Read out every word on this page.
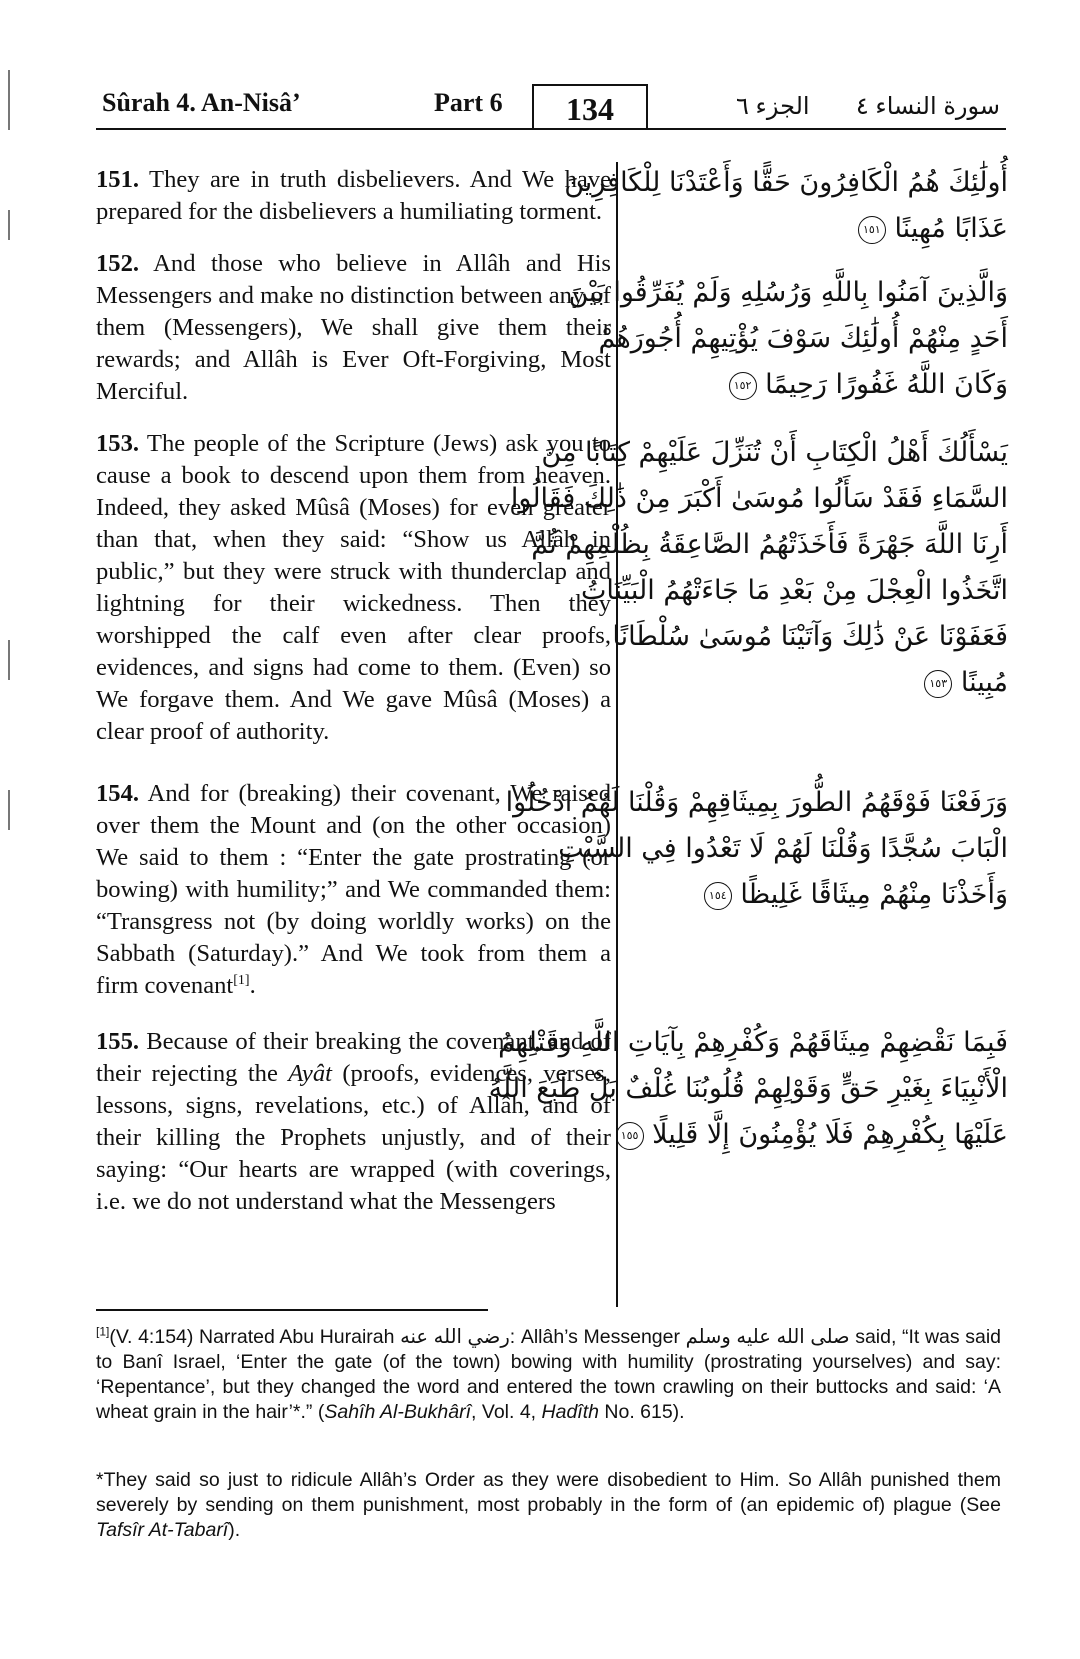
Sûrah 4. An-Nisâ’	Part 6	134	الجزء ٦ سورة النساء ٤

151. They are in truth disbelievers. And We have prepared for the disbelievers a humiliating torment.

152. And those who believe in Allâh and His Messengers and make no distinction between any of them (Messengers), We shall give them their rewards; and Allâh is Ever Oft-Forgiving, Most Merciful.

153. The people of the Scripture (Jews) ask you to cause a book to descend upon them from heaven. Indeed, they asked Mûsâ (Moses) for even greater than that, when they said: “Show us Allâh in public,” but they were struck with thunderclap and lightning for their wickedness. Then they worshipped the calf even after clear proofs, evidences, and signs had come to them. (Even) so We forgave them. And We gave Mûsâ (Moses) a clear proof of authority.

154. And for (breaking) their covenant, We raised over them the Mount and (on the other occasion) We said to them : “Enter the gate prostrating (or bowing) with humility;” and We commanded them: “Transgress not (by doing worldly works) on the Sabbath (Saturday).” And We took from them a firm covenant[1].

155. Because of their breaking the covenant, and of their rejecting the Ayât (proofs, evidences, verses, lessons, signs, revelations, etc.) of Allâh, and of their killing the Prophets unjustly, and of their saying: “Our hearts are wrapped (with coverings, i.e. we do not understand what the Messengers

أُولَٰئِكَ هُمُ الْكَافِرُونَ حَقًّا وَأَعْتَدْنَا لِلْكَافِرِينَ
عَذَابًا مُهِينًا ١٥١
وَالَّذِينَ آمَنُوا بِاللَّهِ وَرُسُلِهِ وَلَمْ يُفَرِّقُوا بَيْنَ
أَحَدٍ مِنْهُمْ أُولَٰئِكَ سَوْفَ يُؤْتِيهِمْ أُجُورَهُمْ
وَكَانَ اللَّهُ غَفُورًا رَحِيمًا ١٥٢
يَسْأَلُكَ أَهْلُ الْكِتَابِ أَنْ تُنَزِّلَ عَلَيْهِمْ كِتَابًا مِنَ
السَّمَاءِ فَقَدْ سَأَلُوا مُوسَىٰ أَكْبَرَ مِنْ ذَٰلِكَ فَقَالُوا
أَرِنَا اللَّهَ جَهْرَةً فَأَخَذَتْهُمُ الصَّاعِقَةُ بِظُلْمِهِمْ ثُمَّ
اتَّخَذُوا الْعِجْلَ مِنْ بَعْدِ مَا جَاءَتْهُمُ الْبَيِّنَاتُ
فَعَفَوْنَا عَنْ ذَٰلِكَ وَآتَيْنَا مُوسَىٰ سُلْطَانًا
مُبِينًا ١٥٣
وَرَفَعْنَا فَوْقَهُمُ الطُّورَ بِمِيثَاقِهِمْ وَقُلْنَا لَهُمُ ادْخُلُوا
الْبَابَ سُجَّدًا وَقُلْنَا لَهُمْ لَا تَعْدُوا فِي السَّبْتِ
وَأَخَذْنَا مِنْهُمْ مِيثَاقًا غَلِيظًا ١٥٤
فَبِمَا نَقْضِهِمْ مِيثَاقَهُمْ وَكُفْرِهِمْ بِآيَاتِ اللَّهِ وَقَتْلِهِمُ
الْأَنْبِيَاءَ بِغَيْرِ حَقٍّ وَقَوْلِهِمْ قُلُوبُنَا غُلْفٌ بَلْ طَبَعَ اللَّهُ
عَلَيْهَا بِكُفْرِهِمْ فَلَا يُؤْمِنُونَ إِلَّا قَلِيلًا ١٥٥
[1](V. 4:154) Narrated Abu Hurairah رضي الله عنه: Allâh’s Messenger صلى الله عليه وسلم said, “It was said to Banî Israel, ‘Enter the gate (of the town) bowing with humility (prostrating yourselves) and say: ‘Repentance’, but they changed the word and entered the town crawling on their buttocks and said: ‘A wheat grain in the hair’*.” (Sahîh Al-Bukhârî, Vol. 4, Hadîth No. 615).
*They said so just to ridicule Allâh’s Order as they were disobedient to Him. So Allâh punished them severely by sending on them punishment, most probably in the form of (an epidemic of) plague (See Tafsîr At-Tabarî).
